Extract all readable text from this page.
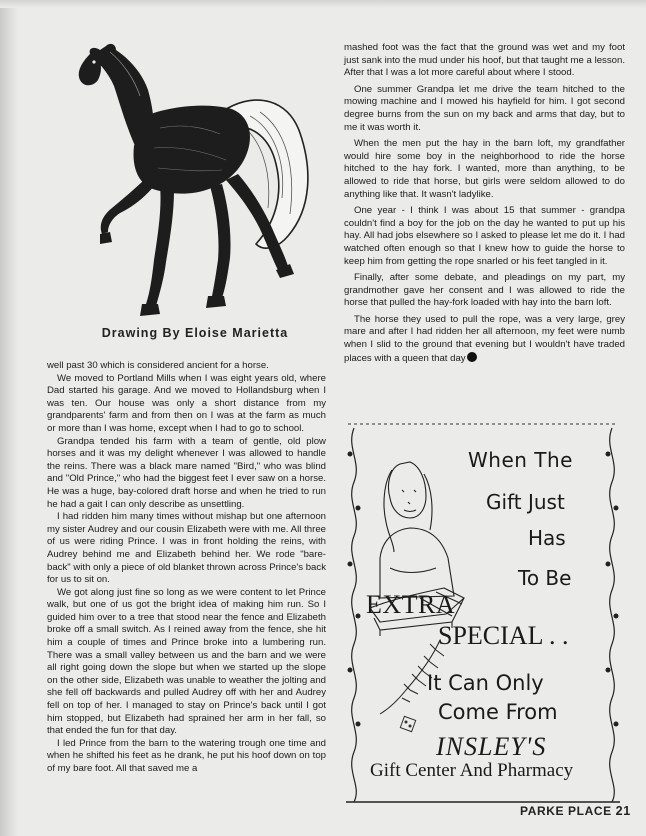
Drawing By Eloise Marietta

well past 30 which is considered ancient for a horse.

We moved to Portland Mills when I was eight years old, where Dad started his garage. And we moved to Hollandsburg when I was ten. Our house was only a short distance from my grandparents' farm and from then on I was at the farm as much or more than I was home, except when I had to go to school.

Grandpa tended his farm with a team of gentle, old plow horses and it was my delight whenever I was allowed to handle the reins. There was a black mare named "Bird," who was blind and "Old Prince," who had the biggest feet I ever saw on a horse. He was a huge, bay-colored draft horse and when he tried to run he had a gait I can only describe as unsettling.

I had ridden him many times without mishap but one afternoon my sister Audrey and our cousin Elizabeth were with me. All three of us were riding Prince. I was in front holding the reins, with Audrey behind me and Elizabeth behind her. We rode "bare-back" with only a piece of old blanket thrown across Prince's back for us to sit on.

We got along just fine so long as we were content to let Prince walk, but one of us got the bright idea of making him run. So I guided him over to a tree that stood near the fence and Elizabeth broke off a small switch. As I reined away from the fence, she hit him a couple of times and Prince broke into a lumbering run. There was a small valley between us and the barn and we were all right going down the slope but when we started up the slope on the other side, Elizabeth was unable to weather the jolting and she fell off backwards and pulled Audrey off with her and Audrey fell on top of her. I managed to stay on Prince's back until I got him stopped, but Elizabeth had sprained her arm in her fall, so that ended the fun for that day.

I led Prince from the barn to the watering trough one time and when he shifted his feet as he drank, he put his hoof down on top of my bare foot. All that saved me a

mashed foot was the fact that the ground was wet and my foot just sank into the mud under his hoof, but that taught me a lesson. After that I was a lot more careful about where I stood.

One summer Grandpa let me drive the team hitched to the mowing machine and I mowed his hayfield for him. I got second degree burns from the sun on my back and arms that day, but to me it was worth it.

When the men put the hay in the barn loft, my grandfather would hire some boy in the neighborhood to ride the horse hitched to the hay fork. I wanted, more than anything, to be allowed to ride that horse, but girls were seldom allowed to do anything like that. It wasn't ladylike.

One year - I think I was about 15 that summer - grandpa couldn't find a boy for the job on the day he wanted to put up his hay. All had jobs elsewhere so I asked to please let me do it. I had watched often enough so that I knew how to guide the horse to keep him from getting the rope snarled or his feet tangled in it.

Finally, after some debate, and pleadings on my part, my grandmother gave her consent and I was allowed to ride the horse that pulled the hay-fork loaded with hay into the barn loft.

The horse they used to pull the rope, was a very large, grey mare and after I had ridden her all afternoon, my feet were numb when I slid to the ground that evening but I wouldn't have traded places with a queen that day

When The
Gift Just
Has
To Be
EXTRA
SPECIAL . .
It Can Only
Come From
INSLEY'S
Gift Center And Pharmacy
PARKE PLACE 21
